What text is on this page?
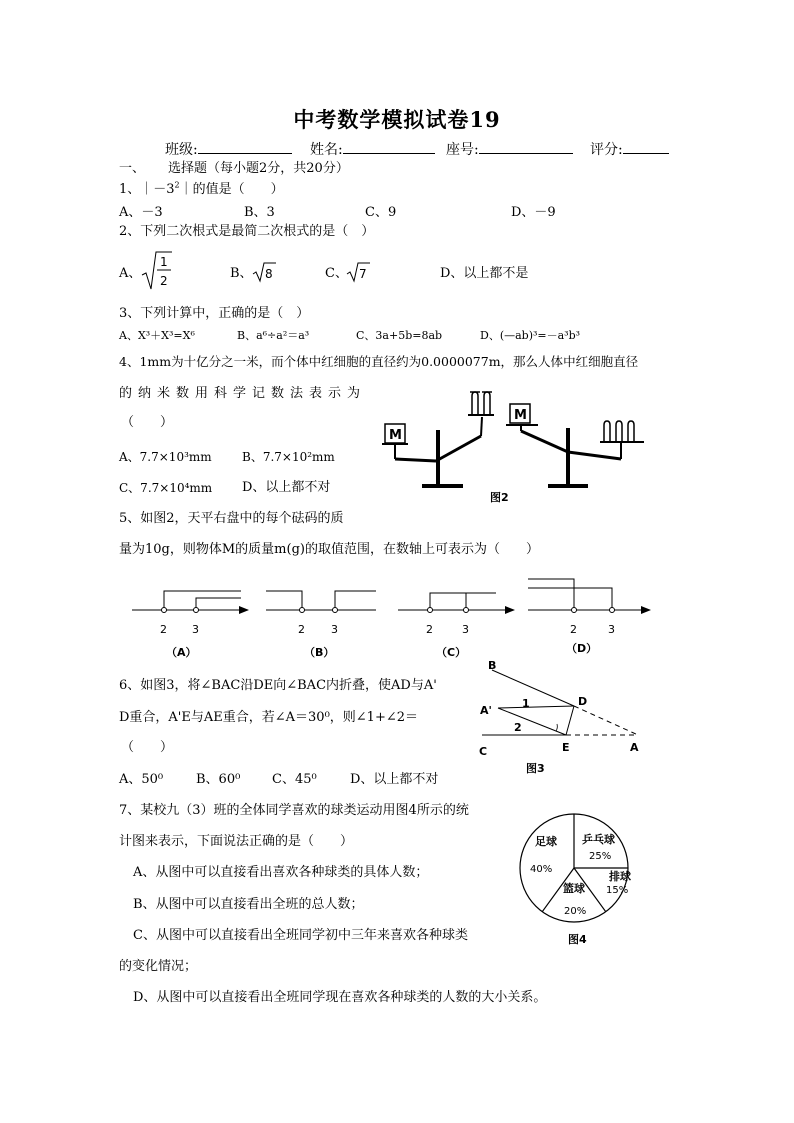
中考数学模拟试卷19
班级:	姓名:	座号:	评分:
一、 选择题（每小题2分，共20分）
1、$|-3^2|$的值是（　　）
A、－3	B、3	C、9	D、－9
2、下列二次根式是最简二次根式的是（　）
A、
1
2	B、 8	C、 7	D、以上都不是
3、下列计算中，正确的是（　）
A、X³＋X³=X⁶	B、a⁶÷a²＝a³	C、3a+5b=8ab	D、(—ab)³=－a³b³
4、1mm为十亿分之一米，而个体中红细胞的直径约为0.0000077m，那么人体中红细胞直径
的纳米数用科学记数法表示为
（　　）
A、7.7×10³mm	B、7.7×10²mm
C、7.7×10⁴mm D、以上都不对
M
M
图2
5、如图2，天平右盘中的每个砝码的质
量为10g，则物体M的质量m(g)的取值范围，在数轴上可表示为（　　）
2 3
（A）
2 3
（B）
2	3
（C）
2	3
（D）
6、如图3，将∠BAC沿DE向∠BAC内折叠，使AD与A'
D重合，A'E与AE重合，若∠A＝30⁰，则∠1+∠2＝
（　　）
A、50⁰	B、60⁰ C、45⁰	D、以上都不对
B
D
A'
1
2
C	E	A
图3
7、某校九（3）班的全体同学喜欢的球类运动用图4所示的统
计图来表示，下面说法正确的是（　　）
A、从图中可以直接看出喜欢各种球类的具体人数；
B、从图中可以直接看出全班的总人数；
C、从图中可以直接看出全班同学初中三年来喜欢各种球类
的变化情况；
D、从图中可以直接看出全班同学现在喜欢各种球类的人数的大小关系。
足球
40%
乒乓球
25%
排球
15%
篮球
20%
图4
